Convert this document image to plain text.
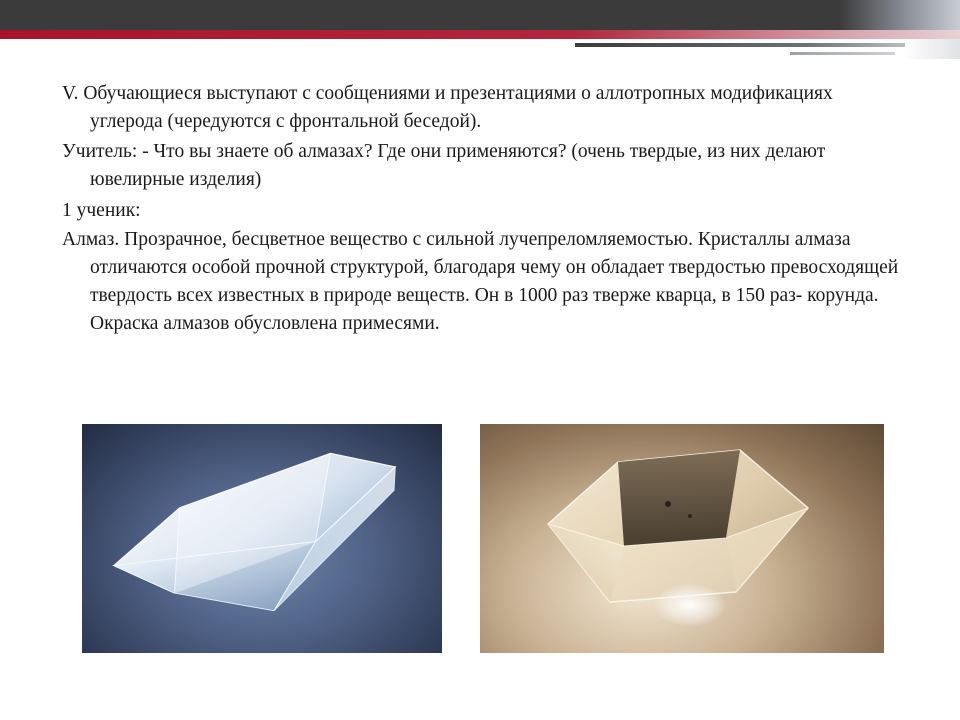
V. Обучающиеся выступают с сообщениями и презентациями о аллотропных модификациях углерода (чередуются с фронтальной беседой).

Учитель: - Что вы знаете об алмазах? Где они применяются? (очень твердые, из них делают ювелирные изделия)

1 ученик:

Алмаз. Прозрачное, бесцветное вещество с сильной лучепреломляемостью. Кристаллы алмаза отличаются особой прочной структурой, благодаря чему он обладает твердостью превосходящей твердость всех известных в природе веществ. Он в 1000 раз тверже кварца, в 150 раз- корунда. Окраска алмазов обусловлена примесями.
